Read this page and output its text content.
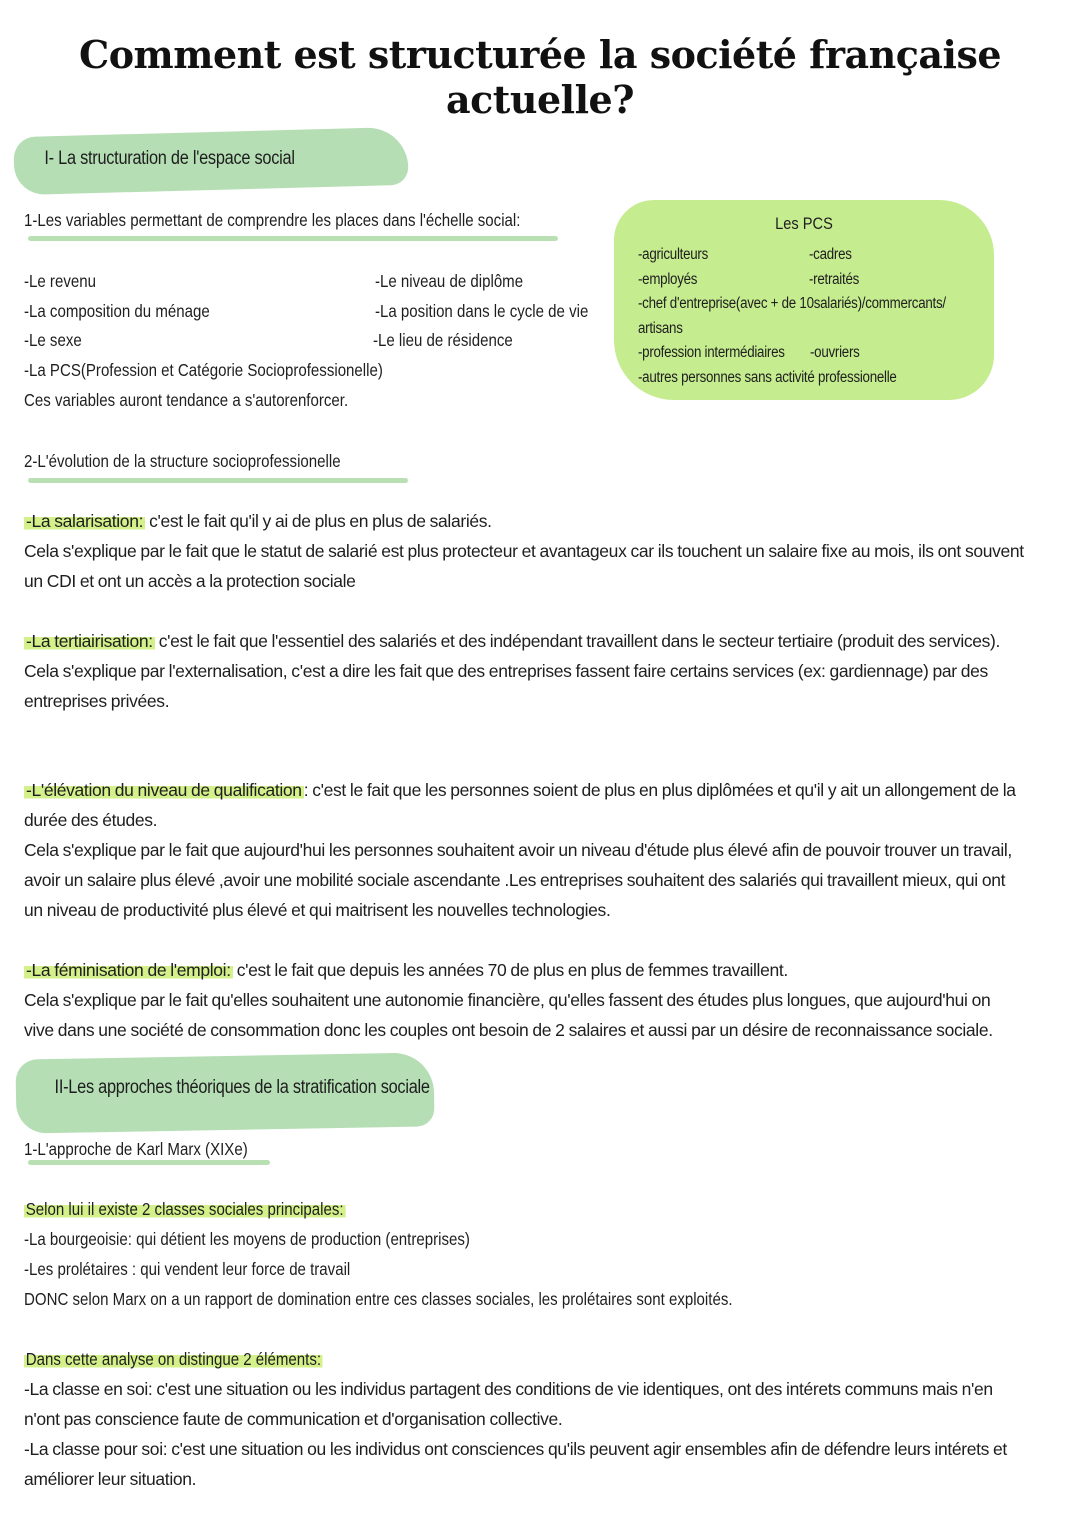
Comment est structurée la société française actuelle?
I- La structuration de l'espace social
1-Les variables permettant de comprendre les places dans l'échelle social:
-Le revenu
-La composition du ménage
-Le sexe
-Le niveau de diplôme
-La position dans le cycle de vie
-Le lieu de résidence
-La PCS(Profession et Catégorie Socioprofessionelle)
Ces variables auront tendance a s'autorenforcer.
Les PCS
-agriculteurs	-cadres
-employés	-retraités
-chef d'entreprise(avec + de 10salariés)/commercants/
artisans
-profession intermédiaires -ouvriers
-autres personnes sans activité professionelle
2-L'évolution de la structure socioprofessionelle
-La salarisation: c'est le fait qu'il y ai de plus en plus de salariés.
Cela s'explique par le fait que le statut de salarié est plus protecteur et avantageux car ils touchent un salaire fixe au mois, ils ont souvent un CDI et ont un accès a la protection sociale
-La tertiairisation: c'est le fait que l'essentiel des salariés et des indépendant travaillent dans le secteur tertiaire (produit des services).
Cela s'explique par l'externalisation, c'est a dire les fait que des entreprises fassent faire certains services (ex: gardiennage) par des entreprises privées.
-L'élévation du niveau de qualification : c'est le fait que les personnes soient de plus en plus diplômées et qu'il y ait un allongement de la durée des études.
Cela s'explique par le fait que aujourd'hui les personnes souhaitent avoir un niveau d'étude plus élevé afin de pouvoir trouver un travail, avoir un salaire plus élevé ,avoir une mobilité sociale ascendante .Les entreprises souhaitent des salariés qui travaillent mieux, qui ont un niveau de productivité plus élevé et qui maitrisent les nouvelles technologies.
-La féminisation de l'emploi: c'est le fait que depuis les années 70 de plus en plus de femmes travaillent.
Cela s'explique par le fait qu'elles souhaitent une autonomie financière, qu'elles fassent des études plus longues, que aujourd'hui on vive dans une société de consommation donc les couples ont besoin de 2 salaires et aussi par un désire de reconnaissance sociale.
II-Les approches théoriques de la stratification sociale
1-L'approche de Karl Marx (XIXe)
Selon lui il existe 2 classes sociales principales:
-La bourgeoisie: qui détient les moyens de production (entreprises)
-Les prolétaires : qui vendent leur force de travail
DONC selon Marx on a un rapport de domination entre ces classes sociales, les prolétaires sont exploités.
Dans cette analyse on distingue 2 éléments:
-La classe en soi: c'est une situation ou les individus partagent des conditions de vie identiques, ont des intérets communs mais n'en n'ont pas conscience faute de communication et d'organisation collective.
-La classe pour soi: c'est une situation ou les individus ont consciences qu'ils peuvent agir ensembles afin de défendre leurs intérets et améliorer leur situation.
